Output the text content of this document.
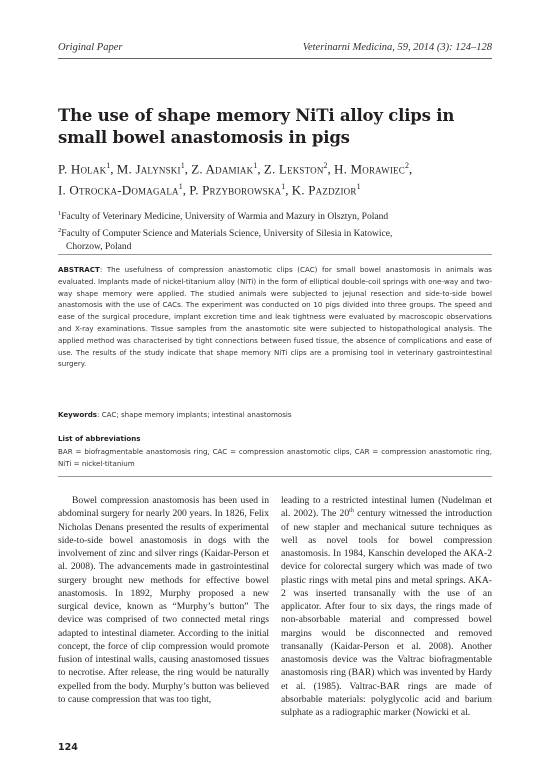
Original Paper	Veterinarni Medicina, 59, 2014 (3): 124–128
The use of shape memory NiTi alloy clips in small bowel anastomosis in pigs
P. Holak$^1$, M. Jalynski$^1$, Z. Adamiak$^1$, Z. Lekston$^2$, H. Morawiec$^2$,
I. Otrocka-Domagala$^1$, P. Przyborowska$^1$, K. Pazdzior$^1$
$^1$Faculty of Veterinary Medicine, University of Warmia and Mazury in Olsztyn, Poland
$^2$Faculty of Computer Science and Materials Science, University of Silesia in Katowice,
Chorzow, Poland
ABSTRACT: The usefulness of compression anastomotic clips (CAC) for small bowel anastomosis in animals was evaluated. Implants made of nickel-titanium alloy (NiTi) in the form of elliptical double-coil springs with one-way and two-way shape memory were applied. The studied animals were subjected to jejunal resection and side-to-side bowel anastomosis with the use of CACs. The experiment was conducted on 10 pigs divided into three groups. The speed and ease of the surgical procedure, implant excretion time and leak tightness were evaluated by macroscopic observations and X-ray examinations. Tissue samples from the anastomotic site were subjected to histopathological analysis. The applied method was characterised by tight connections between fused tissue, the absence of complications and ease of use. The results of the study indicate that shape memory NiTi clips are a promising tool in veterinary gastrointestinal surgery.
Keywords: CAC; shape memory implants; intestinal anastomosis
List of abbreviations
BAR = biofragmentable anastomosis ring, CAC = compression anastomotic clips, CAR = compression anastomotic ring, NiTi = nickel-titanium
Bowel compression anastomosis has been used in abdominal surgery for nearly 200 years. In 1826, Felix Nicholas Denans presented the results of experimental side-to-side bowel anastomosis in dogs with the involvement of zinc and silver rings (Kaidar-Person et al. 2008). The advancements made in gastrointestinal surgery brought new methods for effective bowel anastomosis. In 1892, Murphy proposed a new surgical device, known as “Murphy’s button” The device was comprised of two connected metal rings adapted to intestinal diameter. According to the initial concept, the force of clip compression would promote fusion of intestinal walls, causing anastomosed tissues to necrotise. After release, the ring would be naturally expelled from the body. Murphy’s button was believed to cause compression that was too tight,
leading to a restricted intestinal lumen (Nudelman et al. 2002). The 20th century witnessed the introduction of new stapler and mechanical suture techniques as well as novel tools for bowel compression anastomosis. In 1984, Kanschin developed the AKA-2 device for colorectal surgery which was made of two plastic rings with metal pins and metal springs. AKA-2 was inserted transanally with the use of an applicator. After four to six days, the rings made of non-absorbable material and compressed bowel margins would be disconnected and removed transanally (Kaidar-Person et al. 2008). Another anastomosis device was the Valtrac biofragmentable anastomosis ring (BAR) which was invented by Hardy et al. (1985). Valtrac-BAR rings are made of absorbable materials: polyglycolic acid and barium sulphate as a radiographic marker (Nowicki et al.
124
